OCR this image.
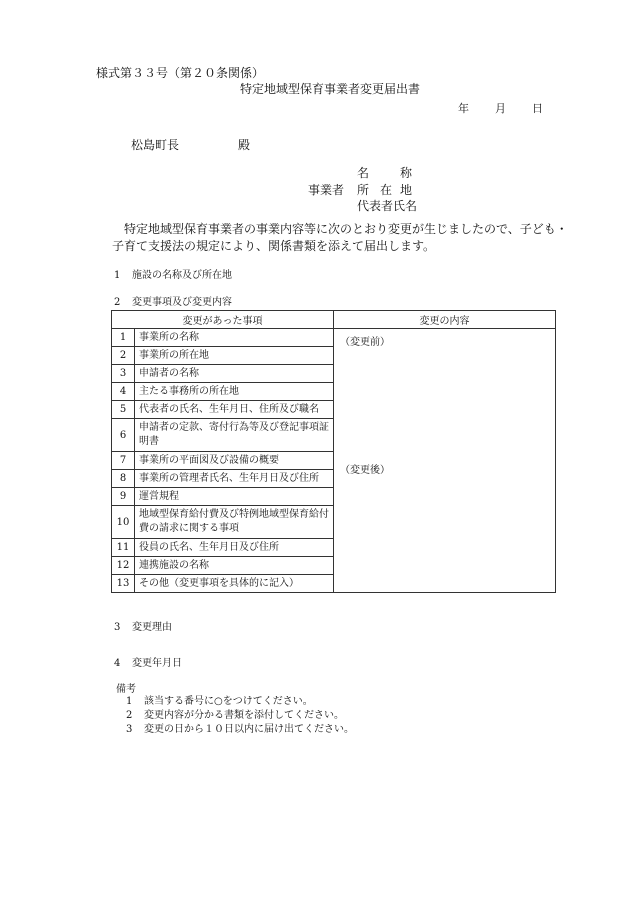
様式第３３号（第２０条関係）
特定地域型保育事業者変更届出書
年 月 日
松島町長	殿
事業者
名	称
所 在 地
代表者氏名
特定地域型保育事業者の事業内容等に次のとおり変更が生じましたので、子ども・子育て支援法の規定により、関係書類を添えて届出します。
1 施設の名称及び所在地
2 変更事項及び変更内容
変更があった事項		変更の内容
1	事業所の名称	（変更前）
（変更後）

2	事業所の所在地	
3	申請者の名称	
4	主たる事務所の所在地	
5	代表者の氏名、生年月日、住所及び職名	
6	申請者の定款、寄付行為等及び登記事項証明書	
7	事業所の平面図及び設備の概要	
8	事業所の管理者氏名、生年月日及び住所	
9	運営規程	
10	地域型保育給付費及び特例地域型保育給付費の請求に関する事項	
11	役員の氏名、生年月日及び住所	
12	連携施設の名称	
13	その他（変更事項を具体的に記入）	
3 変更理由
4 変更年月日
備考
1 該当する番号に○をつけてください。
2 変更内容が分かる書類を添付してください。
3 変更の日から１０日以内に届け出てください。
